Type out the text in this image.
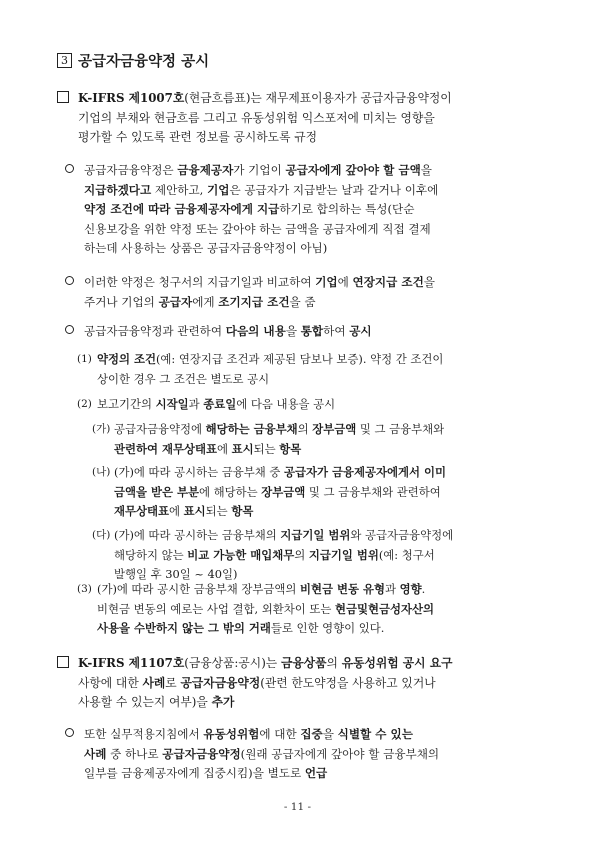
3 공급자금융약정 공시
K-IFRS 제1007호(현금흐름표)는 재무제표이용자가 공급자금융약정이
기업의 부채와 현금흐름 그리고 유동성위험 익스포저에 미치는 영향을
평가할 수 있도록 관련 정보를 공시하도록 규정
공급자금융약정은 금융제공자가 기업이 공급자에게 갚아야 할 금액을
지급하겠다고 제안하고, 기업은 공급자가 지급받는 날과 같거나 이후에
약정 조건에 따라 금융제공자에게 지급하기로 합의하는 특성(단순
신용보강을 위한 약정 또는 갚아야 하는 금액을 공급자에게 직접 결제
하는데 사용하는 상품은 공급자금융약정이 아님)
이러한 약정은 청구서의 지급기일과 비교하여 기업에 연장지급 조건을
주거나 기업의 공급자에게 조기지급 조건을 줌
공급자금융약정과 관련하여 다음의 내용을 통합하여 공시
(1) 약정의 조건(예: 연장지급 조건과 제공된 담보나 보증). 약정 간 조건이
상이한 경우 그 조건은 별도로 공시
(2) 보고기간의 시작일과 종료일에 다음 내용을 공시
(가) 공급자금융약정에 해당하는 금융부채의 장부금액 및 그 금융부채와
관련하여 재무상태표에 표시되는 항목
(나) (가)에 따라 공시하는 금융부채 중 공급자가 금융제공자에게서 이미
금액을 받은 부분에 해당하는 장부금액 및 그 금융부채와 관련하여
재무상태표에 표시되는 항목
(다) (가)에 따라 공시하는 금융부채의 지급기일 범위와 공급자금융약정에
해당하지 않는 비교 가능한 매입채무의 지급기일 범위(예: 청구서
발행일 후 30일 ~ 40일)
(3) (가)에 따라 공시한 금융부채 장부금액의 비현금 변동 유형과 영향.
비현금 변동의 예로는 사업 결합, 외환차이 또는 현금및현금성자산의
사용을 수반하지 않는 그 밖의 거래들로 인한 영향이 있다.
K-IFRS 제1107호(금융상품:공시)는 금융상품의 유동성위험 공시 요구
사항에 대한 사례로 공급자금융약정(관련 한도약정을 사용하고 있거나
사용할 수 있는지 여부)을 추가
또한 실무적용지침에서 유동성위험에 대한 집중을 식별할 수 있는
사례 중 하나로 공급자금융약정(원래 공급자에게 갚아야 할 금융부채의
일부를 금융제공자에게 집중시킴)을 별도로 언급
- 11 -
